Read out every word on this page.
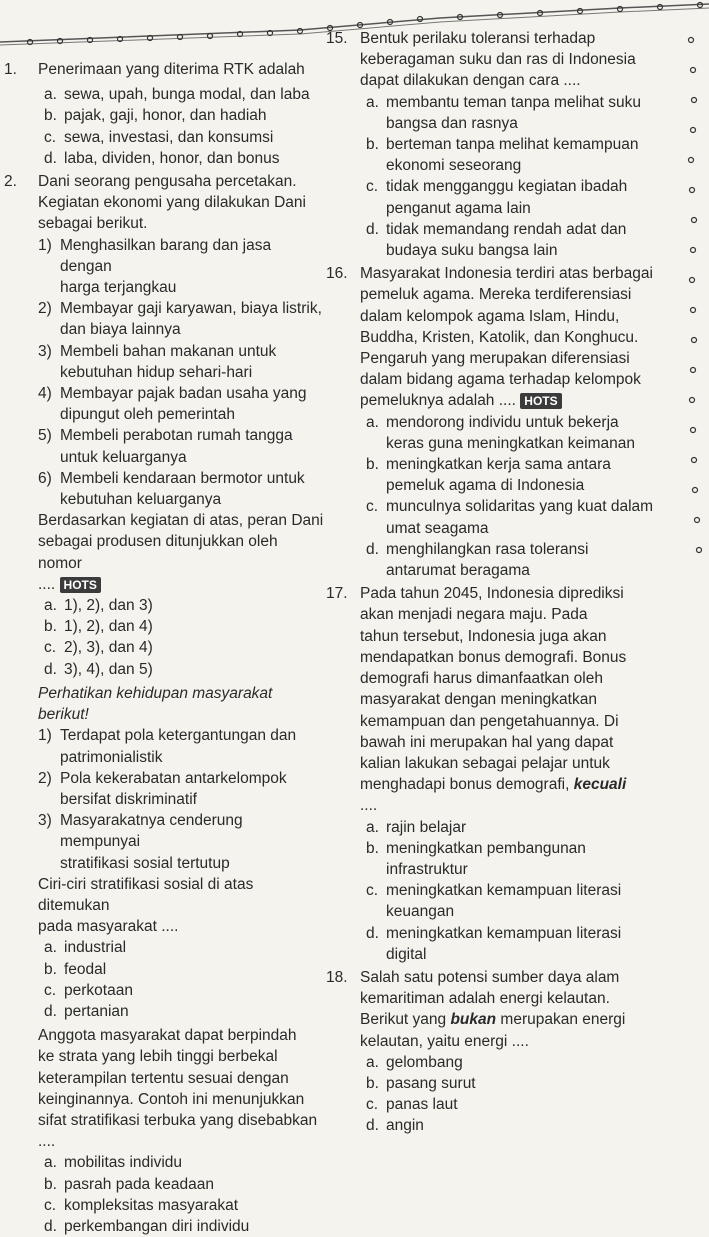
1. Penerimaan yang diterima RTK adalah
a. sewa, upah, bunga modal, dan laba
b. pajak, gaji, honor, dan hadiah
c. sewa, investasi, dan konsumsi
d. laba, dividen, honor, dan bonus
2. Dani seorang pengusaha percetakan.
Kegiatan ekonomi yang dilakukan Dani
sebagai berikut.
1) Menghasilkan barang dan jasa dengan
harga terjangkau
2) Membayar gaji karyawan, biaya listrik,
dan biaya lainnya
3) Membeli bahan makanan untuk
kebutuhan hidup sehari-hari
4) Membayar pajak badan usaha yang
dipungut oleh pemerintah
5) Membeli perabotan rumah tangga
untuk keluarganya
6) Membeli kendaraan bermotor untuk
kebutuhan keluarganya
Berdasarkan kegiatan di atas, peran Dani
sebagai produsen ditunjukkan oleh nomor
.... HOTS
a. 1), 2), dan 3)
b. 1), 2), dan 4)
c. 2), 3), dan 4)
d. 3), 4), dan 5)
Perhatikan kehidupan masyarakat
berikut!
1) Terdapat pola ketergantungan dan
patrimonialistik
2) Pola kekerabatan antarkelompok
bersifat diskriminatif
3) Masyarakatnya cenderung mempunyai
stratifikasi sosial tertutup
Ciri-ciri stratifikasi sosial di atas ditemukan
pada masyarakat ....
a. industrial
b. feodal
c. perkotaan
d. pertanian
Anggota masyarakat dapat berpindah
ke strata yang lebih tinggi berbekal
keterampilan tertentu sesuai dengan
keinginannya. Contoh ini menunjukkan
sifat stratifikasi terbuka yang disebabkan
....
a. mobilitas individu
b. pasrah pada keadaan
c. kompleksitas masyarakat
d. perkembangan diri individu
15. Bentuk perilaku toleransi terhadap
keberagaman suku dan ras di Indonesia
dapat dilakukan dengan cara ....
a. membantu teman tanpa melihat suku
bangsa dan rasnya
b. berteman tanpa melihat kemampuan
ekonomi seseorang
c. tidak mengganggu kegiatan ibadah
penganut agama lain
d. tidak memandang rendah adat dan
budaya suku bangsa lain
16. Masyarakat Indonesia terdiri atas berbagai
pemeluk agama. Mereka terdiferensiasi
dalam kelompok agama Islam, Hindu,
Buddha, Kristen, Katolik, dan Konghucu.
Pengaruh yang merupakan diferensiasi
dalam bidang agama terhadap kelompok
pemeluknya adalah .... HOTS
a. mendorong individu untuk bekerja
keras guna meningkatkan keimanan
b. meningkatkan kerja sama antara
pemeluk agama di Indonesia
c. munculnya solidaritas yang kuat dalam
umat seagama
d. menghilangkan rasa toleransi
antarumat beragama
17. Pada tahun 2045, Indonesia diprediksi
akan menjadi negara maju. Pada
tahun tersebut, Indonesia juga akan
mendapatkan bonus demografi. Bonus
demografi harus dimanfaatkan oleh
masyarakat dengan meningkatkan
kemampuan dan pengetahuannya. Di
bawah ini merupakan hal yang dapat
kalian lakukan sebagai pelajar untuk
menghadapi bonus demografi, kecuali
....
a. rajin belajar
b. meningkatkan pembangunan
infrastruktur
c. meningkatkan kemampuan literasi
keuangan
d. meningkatkan kemampuan literasi
digital
18. Salah satu potensi sumber daya alam
kemaritiman adalah energi kelautan.
Berikut yang bukan merupakan energi
kelautan, yaitu energi ....
a. gelombang
b. pasang surut
c. panas laut
d. angin
